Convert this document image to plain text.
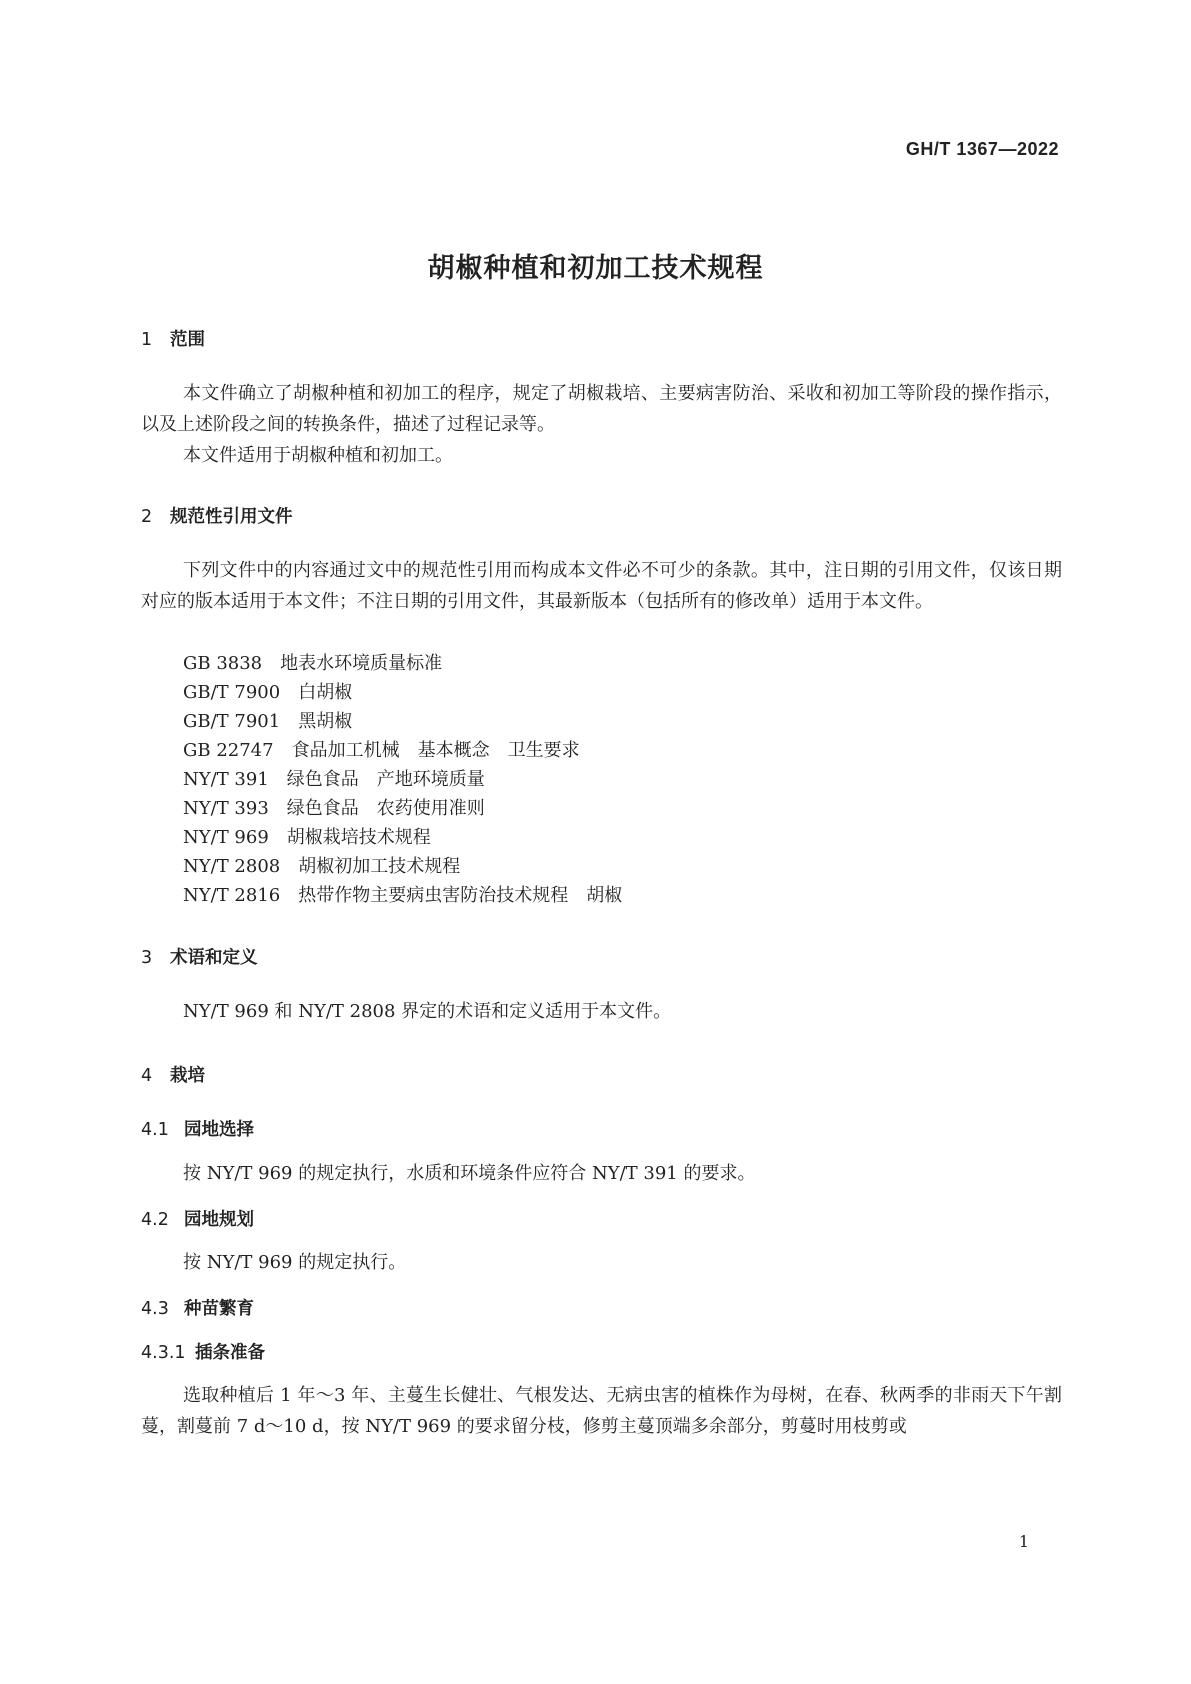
GH/T 1367—2022
胡椒种植和初加工技术规程
1 范围

本文件确立了胡椒种植和初加工的程序，规定了胡椒栽培、主要病害防治、采收和初加工等阶段的操作指示，以及上述阶段之间的转换条件，描述了过程记录等。

本文件适用于胡椒种植和初加工。

2 规范性引用文件

下列文件中的内容通过文中的规范性引用而构成本文件必不可少的条款。其中，注日期的引用文件，仅该日期对应的版本适用于本文件；不注日期的引用文件，其最新版本（包括所有的修改单）适用于本文件。

GB 3838　地表水环境质量标准
GB/T 7900　白胡椒
GB/T 7901　黑胡椒
GB 22747　食品加工机械　基本概念　卫生要求
NY/T 391　绿色食品　产地环境质量
NY/T 393　绿色食品　农药使用准则
NY/T 969　胡椒栽培技术规程
NY/T 2808　胡椒初加工技术规程
NY/T 2816　热带作物主要病虫害防治技术规程　胡椒
3 术语和定义

NY/T 969 和 NY/T 2808 界定的术语和定义适用于本文件。

4 栽培
4.1 园地选择

按 NY/T 969 的规定执行，水质和环境条件应符合 NY/T 391 的要求。

4.2 园地规划

按 NY/T 969 的规定执行。

4.3 种苗繁育
4.3.1 插条准备

选取种植后 1 年～3 年、主蔓生长健壮、气根发达、无病虫害的植株作为母树，在春、秋两季的非雨天下午割蔓，割蔓前 7 d～10 d，按 NY/T 969 的要求留分枝，修剪主蔓顶端多余部分，剪蔓时用枝剪或

1
